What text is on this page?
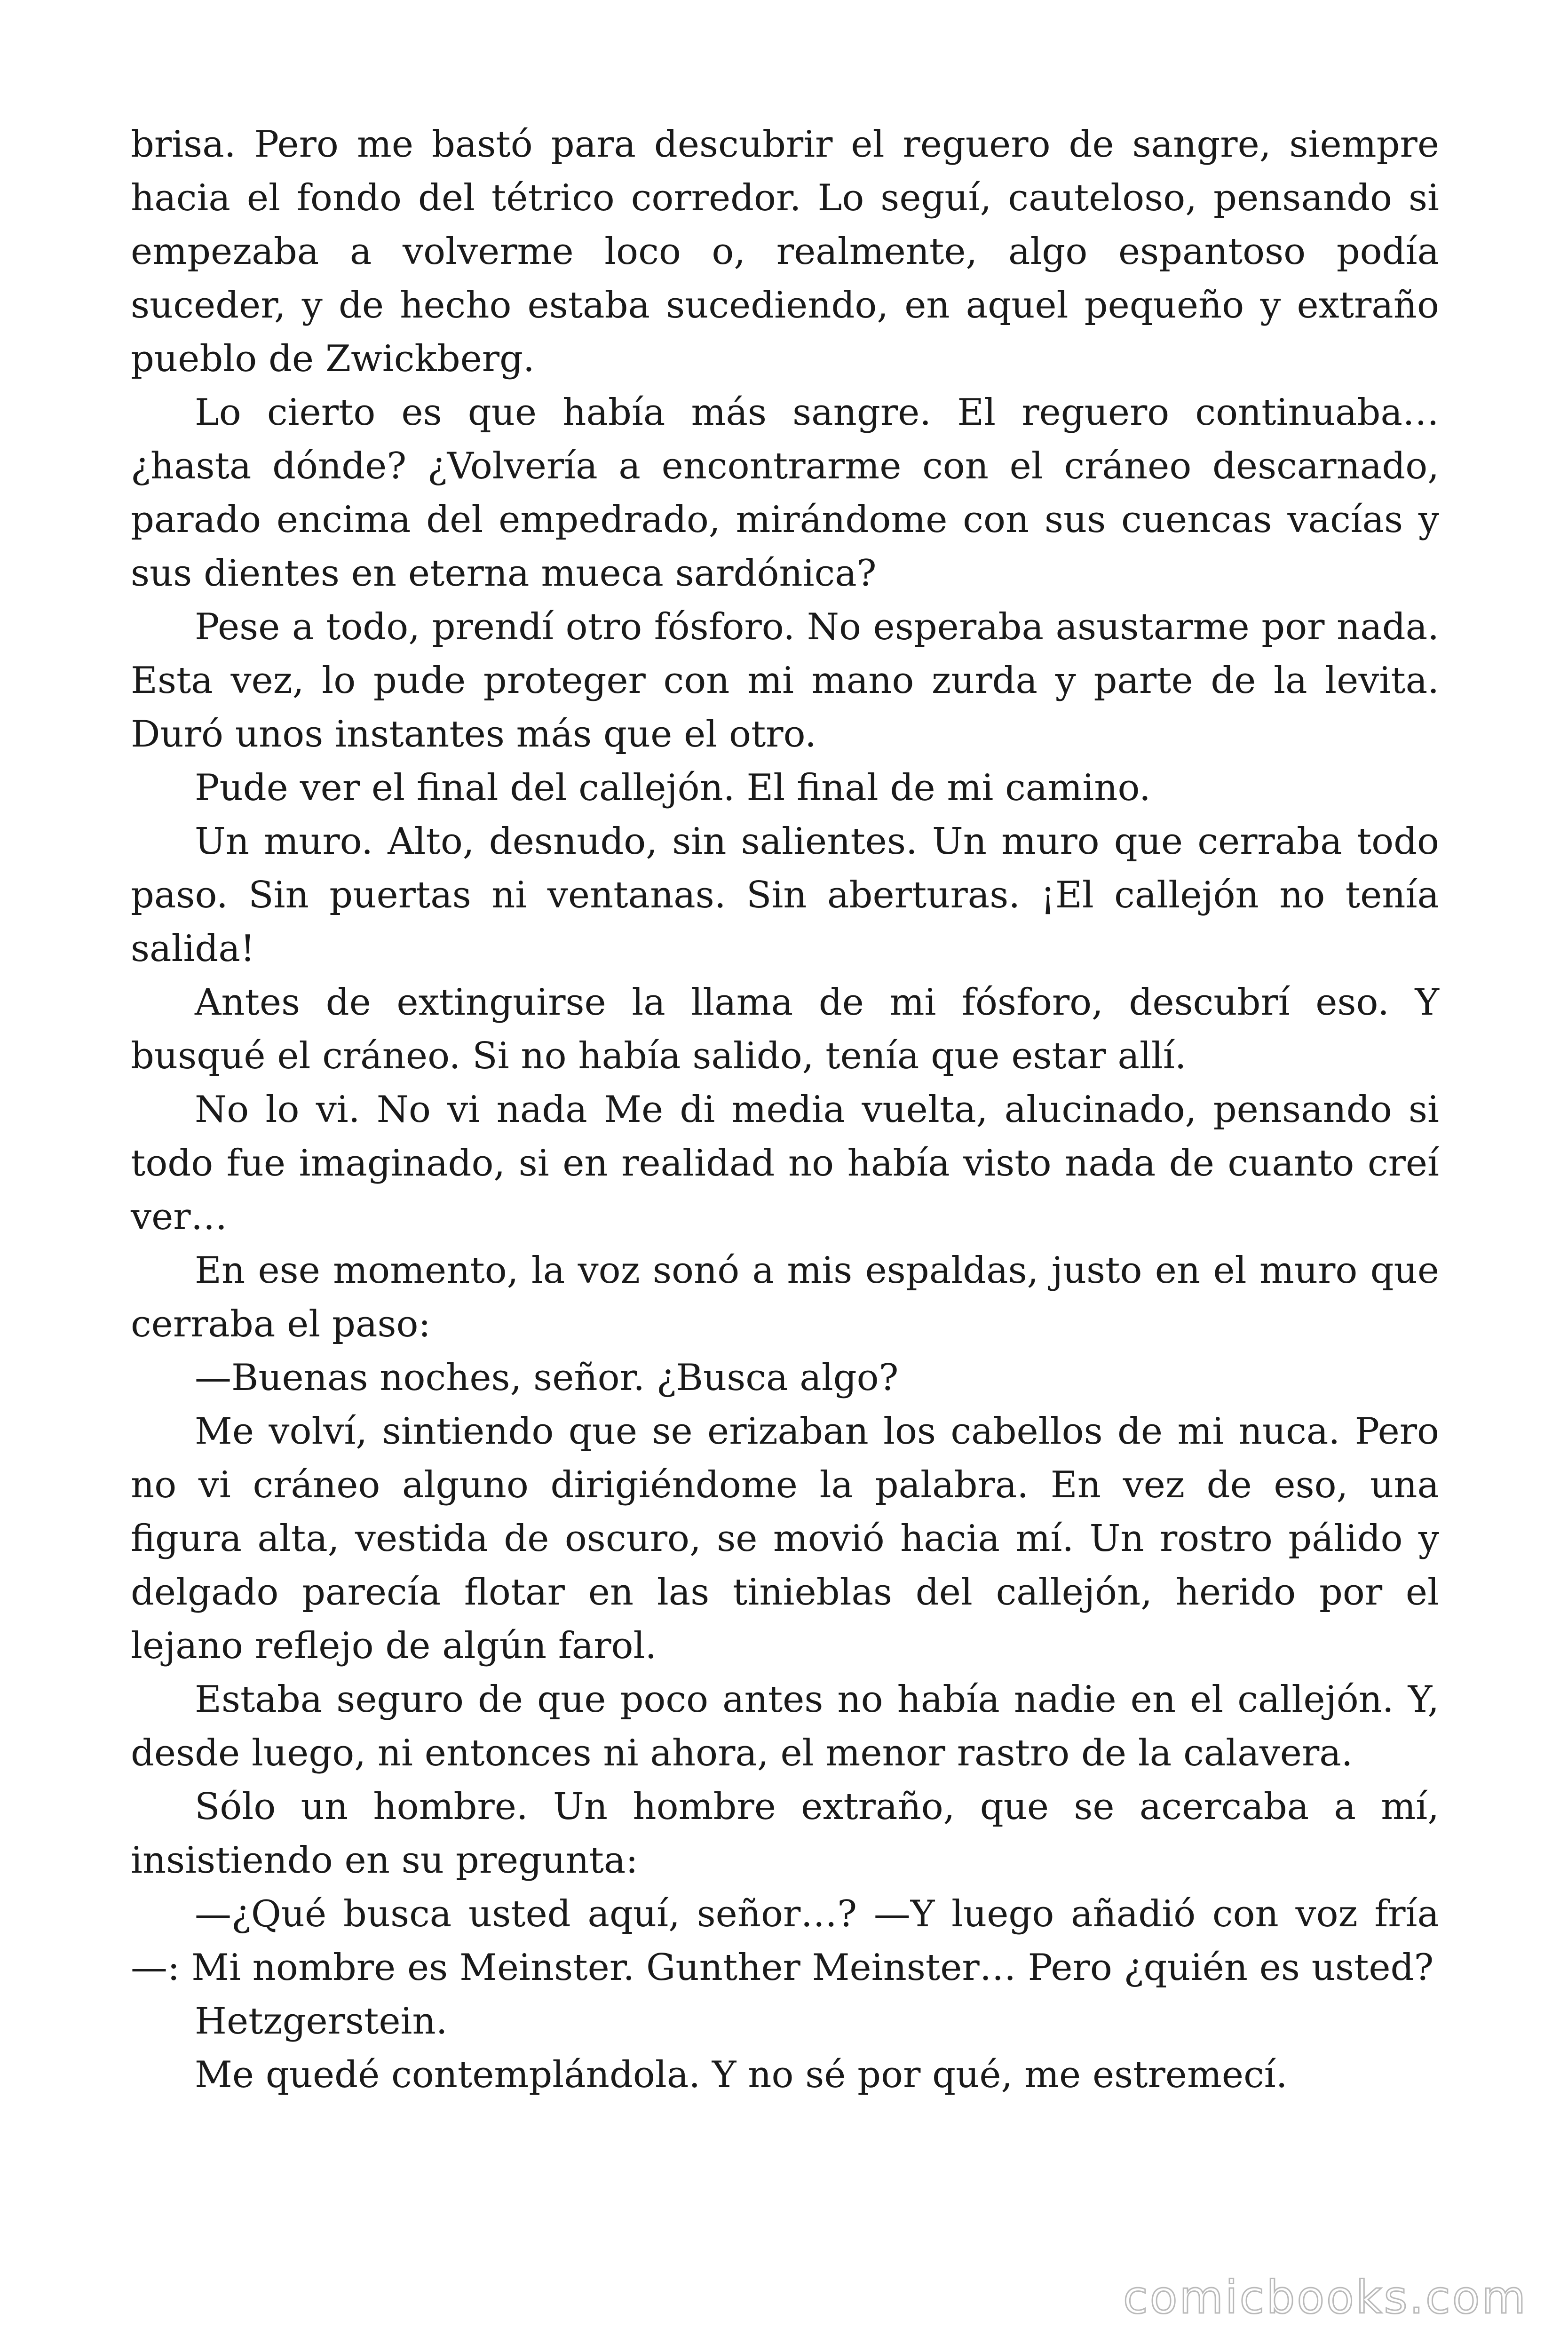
brisa. Pero me bastó para descubrir el reguero de sangre, siempre hacia el fondo del tétrico corredor. Lo seguí, cauteloso, pensando si empezaba a volverme loco o, realmente, algo espantoso podía suceder, y de hecho estaba sucediendo, en aquel pequeño y extraño pueblo de Zwickberg.

Lo cierto es que había más sangre. El reguero continuaba… ¿hasta dónde? ¿Volvería a encontrarme con el cráneo descarnado, parado encima del empedrado, mirándome con sus cuencas vacías y sus dientes en eterna mueca sardónica?

Pese a todo, prendí otro fósforo. No esperaba asustarme por nada. Esta vez, lo pude proteger con mi mano zurda y parte de la levita. Duró unos instantes más que el otro.

Pude ver el final del callejón. El final de mi camino.

Un muro. Alto, desnudo, sin salientes. Un muro que cerraba todo paso. Sin puertas ni ventanas. Sin aberturas. ¡El callejón no tenía salida!

Antes de extinguirse la llama de mi fósforo, descubrí eso. Y busqué el cráneo. Si no había salido, tenía que estar allí.

No lo vi. No vi nada Me di media vuelta, alucinado, pensando si todo fue imaginado, si en realidad no había visto nada de cuanto creí ver…

En ese momento, la voz sonó a mis espaldas, justo en el muro que cerraba el paso:

—Buenas noches, señor. ¿Busca algo?

Me volví, sintiendo que se erizaban los cabellos de mi nuca. Pero no vi cráneo alguno dirigiéndome la palabra. En vez de eso, una figura alta, vestida de oscuro, se movió hacia mí. Un rostro pálido y delgado parecía flotar en las tinieblas del callejón, herido por el lejano reflejo de algún farol.

Estaba seguro de que poco antes no había nadie en el callejón. Y, desde luego, ni entonces ni ahora, el menor rastro de la calavera.

Sólo un hombre. Un hombre extraño, que se acercaba a mí, insistiendo en su pregunta:

—¿Qué busca usted aquí, señor…? —Y luego añadió con voz fría —: Mi nombre es Meinster. Gunther Meinster… Pero ¿quién es usted?

Hetzgerstein.

Me quedé contemplándola. Y no sé por qué, me estremecí.

comicbooks.com
